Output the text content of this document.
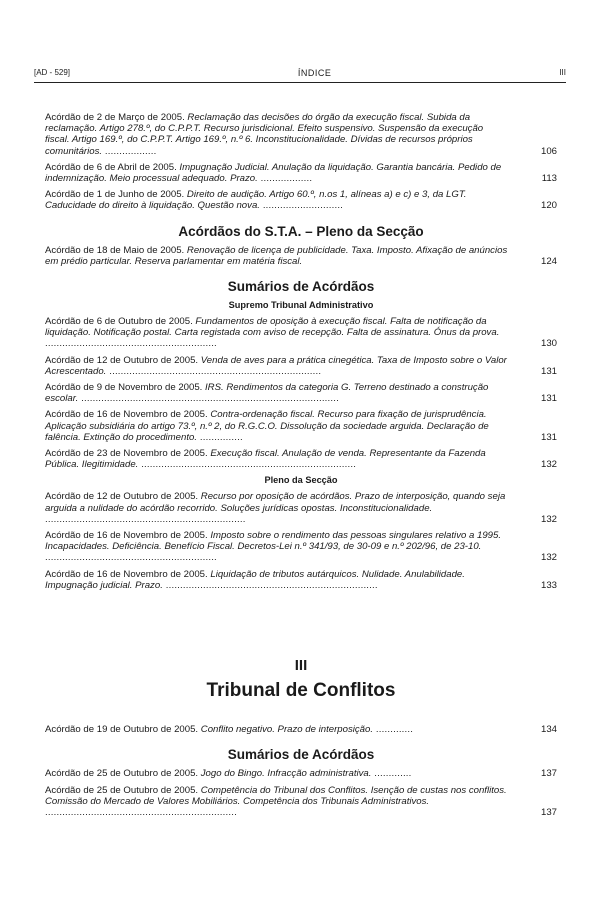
[AD - 529]	ÍNDICE	III
Acórdão de 2 de Março de 2005. Reclamação das decisões do órgão da execução fiscal. Subida da reclamação. Artigo 278.º, do C.P.P.T. Recurso jurisdicional. Efeito suspensivo. Suspensão da execução fiscal. Artigo 169.º, do C.P.P.T. Artigo 169.º, n.º 6. Inconstitucionalidade. Dívidas de recursos próprios comunitários. ..................	106
Acórdão de 6 de Abril de 2005. Impugnação Judicial. Anulação da liquidação. Garantia bancária. Pedido de indemnização. Meio processual adequado. Prazo. ..................	113
Acórdão de 1 de Junho de 2005. Direito de audição. Artigo 60.º, n.os 1, alíneas a) e c) e 3, da LGT. Caducidade do direito à liquidação. Questão nova. ............................	120
Acórdãos do S.T.A. – Pleno da Secção
Acórdão de 18 de Maio de 2005. Renovação de licença de publicidade. Taxa. Imposto. Afixação de anúncios em prédio particular. Reserva parlamentar em matéria fiscal.	124
Sumários de Acórdãos
Supremo Tribunal Administrativo
Acórdão de 6 de Outubro de 2005. Fundamentos de oposição à execução fiscal. Falta de notificação da liquidação. Notificação postal. Carta registada com aviso de recepção. Falta de assinatura. Ónus da prova. ............................................................	130
Acórdão de 12 de Outubro de 2005. Venda de aves para a prática cinegética. Taxa de Imposto sobre o Valor Acrescentado. ..........................................................................	131
Acórdão de 9 de Novembro de 2005. IRS. Rendimentos da categoria G. Terreno destinado a construção escolar. ..........................................................................................	131
Acórdão de 16 de Novembro de 2005. Contra-ordenação fiscal. Recurso para fixação de jurisprudência. Aplicação subsidiária do artigo 73.º, n.º 2, do R.G.C.O. Dissolução da sociedade arguida. Declaração de falência. Extinção do procedimento. ...............	131
Acórdão de 23 de Novembro de 2005. Execução fiscal. Anulação de venda. Representante da Fazenda Pública. Ilegitimidade. ...........................................................................	132
Pleno da Secção
Acórdão de 12 de Outubro de 2005. Recurso por oposição de acórdãos. Prazo de interposição, quando seja arguida a nulidade do acórdão recorrido. Soluções jurídicas opostas. Inconstitucionalidade. ......................................................................	132
Acórdão de 16 de Novembro de 2005. Imposto sobre o rendimento das pessoas singulares relativo a 1995. Incapacidades. Deficiência. Benefício Fiscal. Decretos-Lei n.º 341/93, de 30-09 e n.º 202/96, de 23-10. ............................................................	132
Acórdão de 16 de Novembro de 2005. Liquidação de tributos autárquicos. Nulidade. Anulabilidade. Impugnação judicial. Prazo. ..........................................................................	133
III
Tribunal de Conflitos
Acórdão de 19 de Outubro de 2005. Conflito negativo. Prazo de interposição. .............	134
Sumários de Acórdãos
Acórdão de 25 de Outubro de 2005. Jogo do Bingo. Infracção administrativa. .............	137
Acórdão de 25 de Outubro de 2005. Competência do Tribunal dos Conflitos. Isenção de custas nos conflitos. Comissão do Mercado de Valores Mobiliários. Competência dos Tribunais Administrativos. ...................................................................	137
